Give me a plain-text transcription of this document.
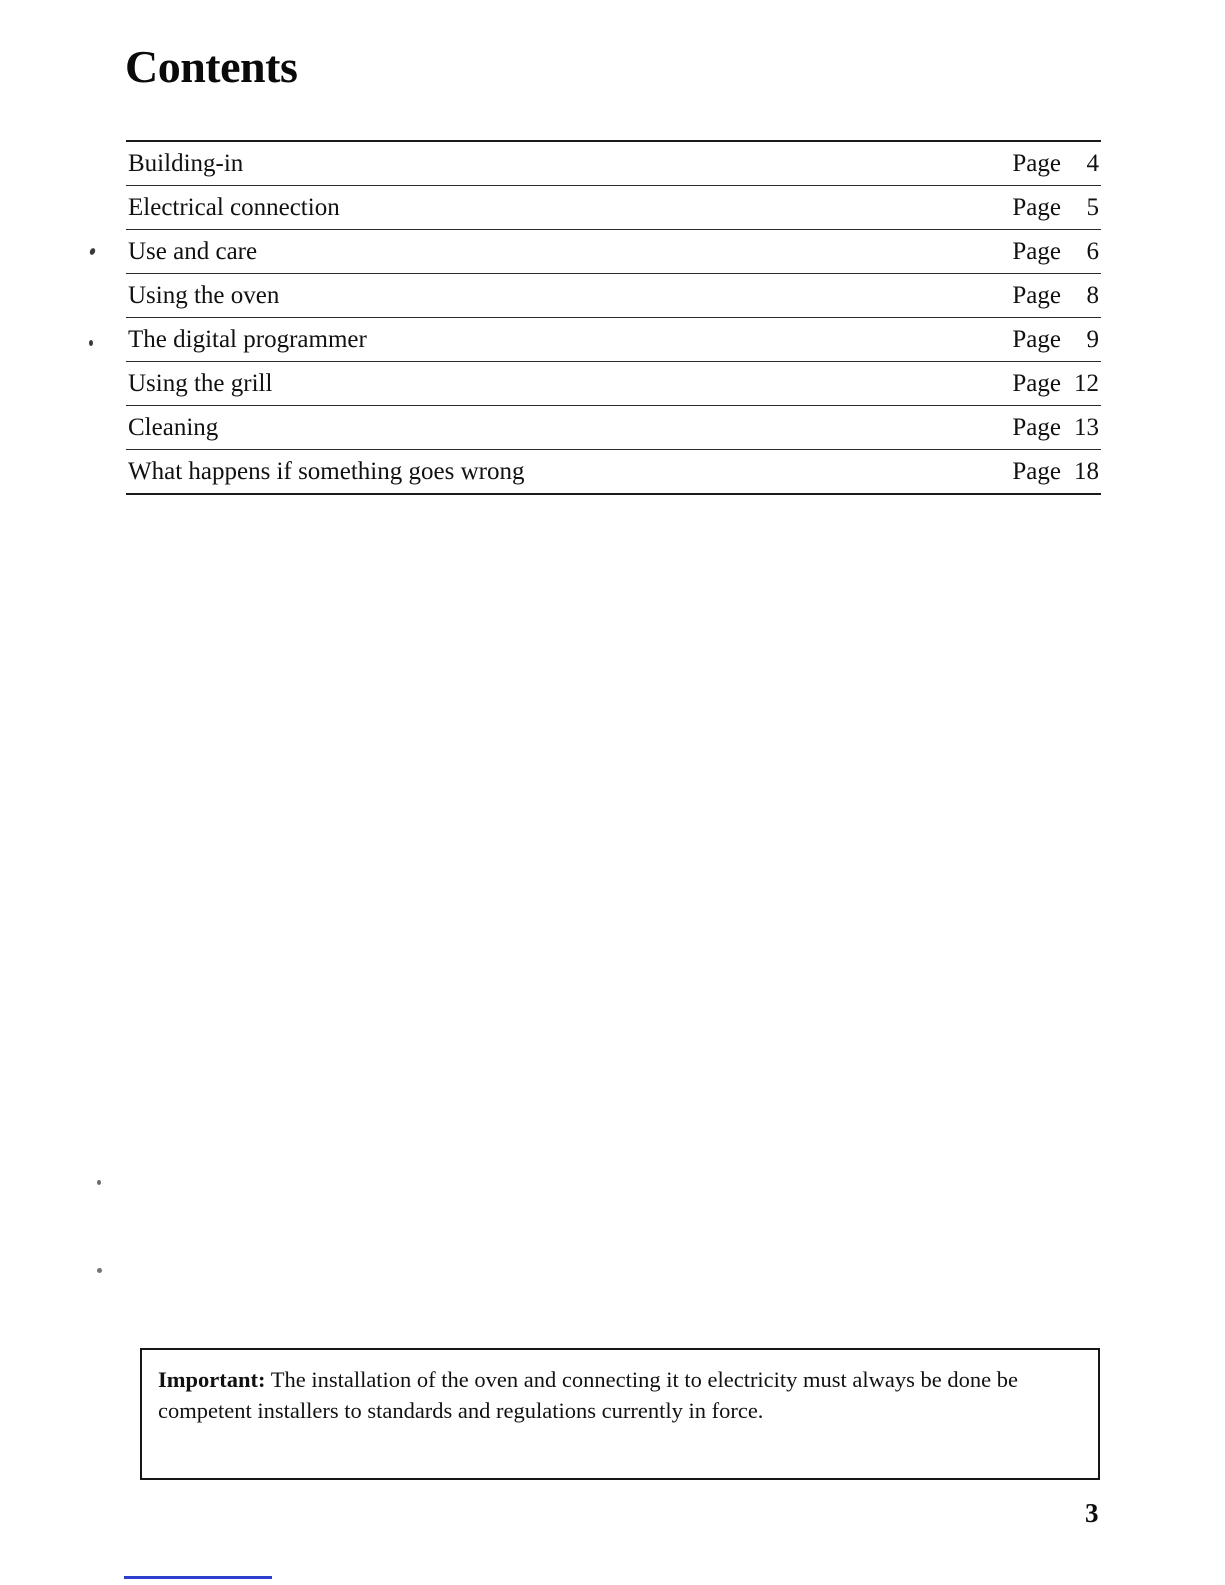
Contents
Building-in	Page	4
Electrical connection	Page	5
Use and care	Page	6
Using the oven	Page	8
The digital programmer	Page	9
Using the grill	Page 12
Cleaning	Page 13
What happens if something goes wrong	Page 18
Important: The installation of the oven and connecting it to electricity must always be done be competent installers to standards and regulations currently in force.
3
